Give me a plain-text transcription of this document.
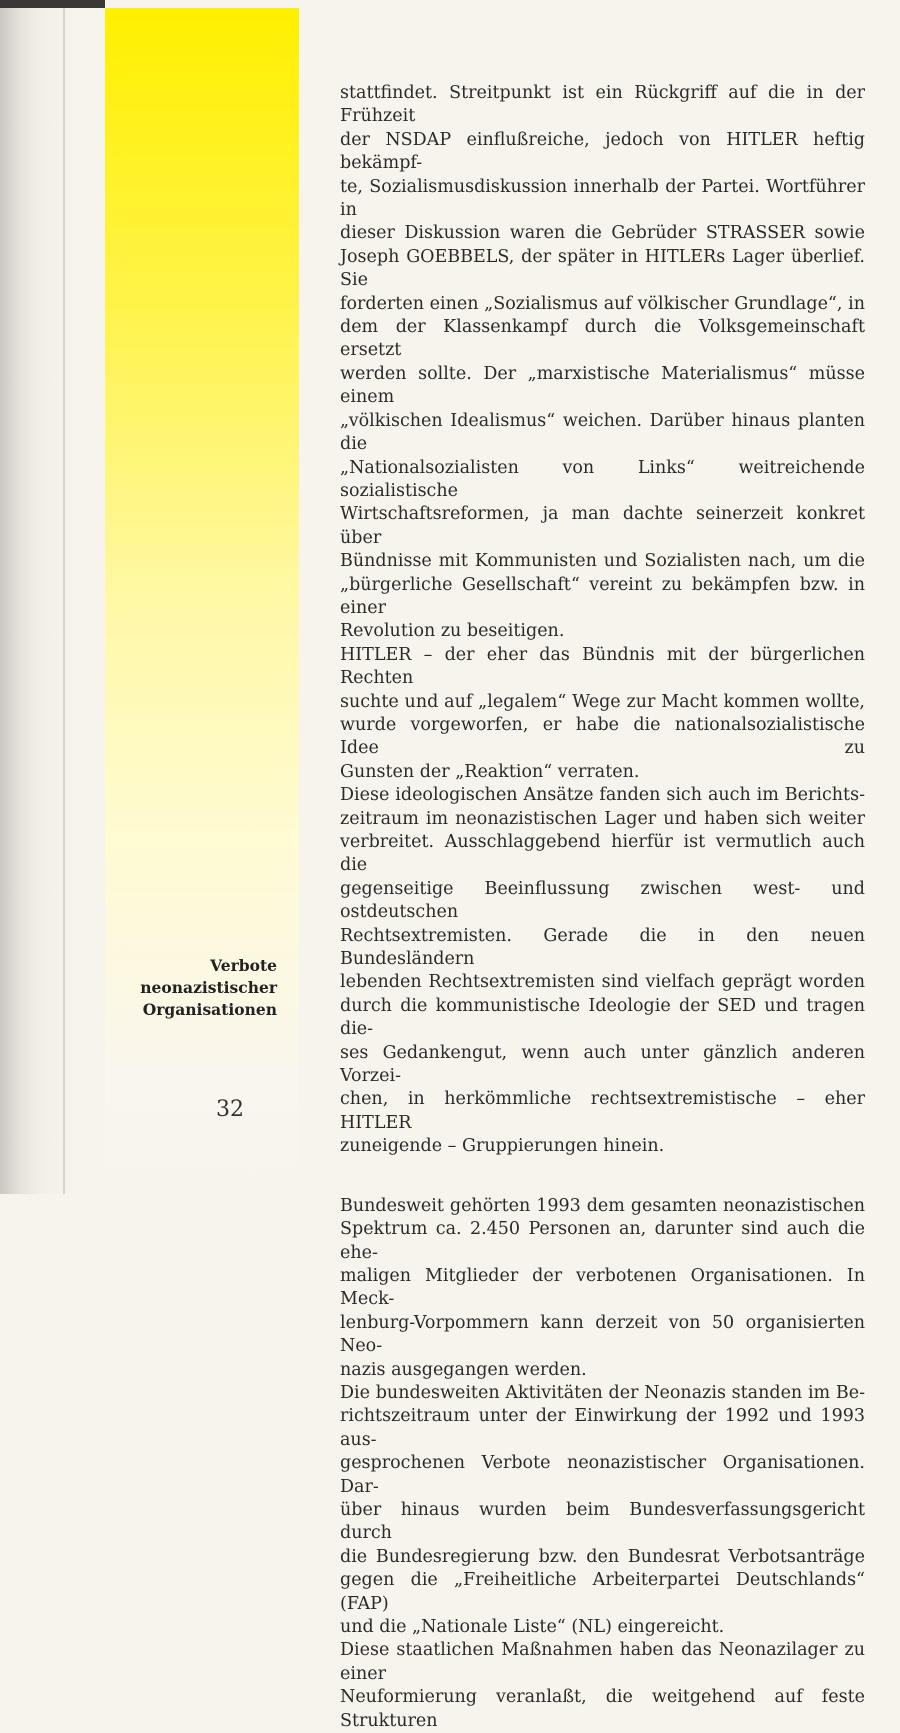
Verbote
neonazistischer
Organisationen
32

stattfindet. Streitpunkt ist ein Rückgriff auf die in der Frühzeit

der NSDAP einflußreiche, jedoch von HITLER heftig bekämpf-

te, Sozialismusdiskussion innerhalb der Partei. Wortführer in

dieser Diskussion waren die Gebrüder STRASSER sowie

Joseph GOEBBELS, der später in HITLERs Lager überlief. Sie

forderten einen „Sozialismus auf völkischer Grundlage“, in

dem der Klassenkampf durch die Volksgemeinschaft ersetzt

werden sollte. Der „marxistische Materialismus“ müsse einem

„völkischen Idealismus“ weichen. Darüber hinaus planten die

„Nationalsozialisten von Links“ weitreichende sozialistische

Wirtschaftsreformen, ja man dachte seinerzeit konkret über

Bündnisse mit Kommunisten und Sozialisten nach, um die

„bürgerliche Gesellschaft“ vereint zu bekämpfen bzw. in einer

Revolution zu beseitigen.

HITLER – der eher das Bündnis mit der bürgerlichen Rechten

suchte und auf „legalem“ Wege zur Macht kommen wollte,

wurde vorgeworfen, er habe die nationalsozialistische Idee zu

Gunsten der „Reaktion“ verraten.

Diese ideologischen Ansätze fanden sich auch im Berichts-

zeitraum im neonazistischen Lager und haben sich weiter

verbreitet. Ausschlaggebend hierfür ist vermutlich auch die

gegenseitige Beeinflussung zwischen west- und ostdeutschen

Rechtsextremisten. Gerade die in den neuen Bundesländern

lebenden Rechtsextremisten sind vielfach geprägt worden

durch die kommunistische Ideologie der SED und tragen die-

ses Gedankengut, wenn auch unter gänzlich anderen Vorzei-

chen, in herkömmliche rechtsextremistische – eher HITLER

zuneigende – Gruppierungen hinein.

Bundesweit gehörten 1993 dem gesamten neonazistischen

Spektrum ca. 2.450 Personen an, darunter sind auch die ehe-

maligen Mitglieder der verbotenen Organisationen. In Meck-

lenburg-Vorpommern kann derzeit von 50 organisierten Neo-

nazis ausgegangen werden.

Die bundesweiten Aktivitäten der Neonazis standen im Be-

richtszeitraum unter der Einwirkung der 1992 und 1993 aus-

gesprochenen Verbote neonazistischer Organisationen. Dar-

über hinaus wurden beim Bundesverfassungsgericht durch

die Bundesregierung bzw. den Bundesrat Verbotsanträge

gegen die „Freiheitliche Arbeiterpartei Deutschlands“ (FAP)

und die „Nationale Liste“ (NL) eingereicht.

Diese staatlichen Maßnahmen haben das Neonazilager zu einer

Neuformierung veranlaßt, die weitgehend auf feste Strukturen
